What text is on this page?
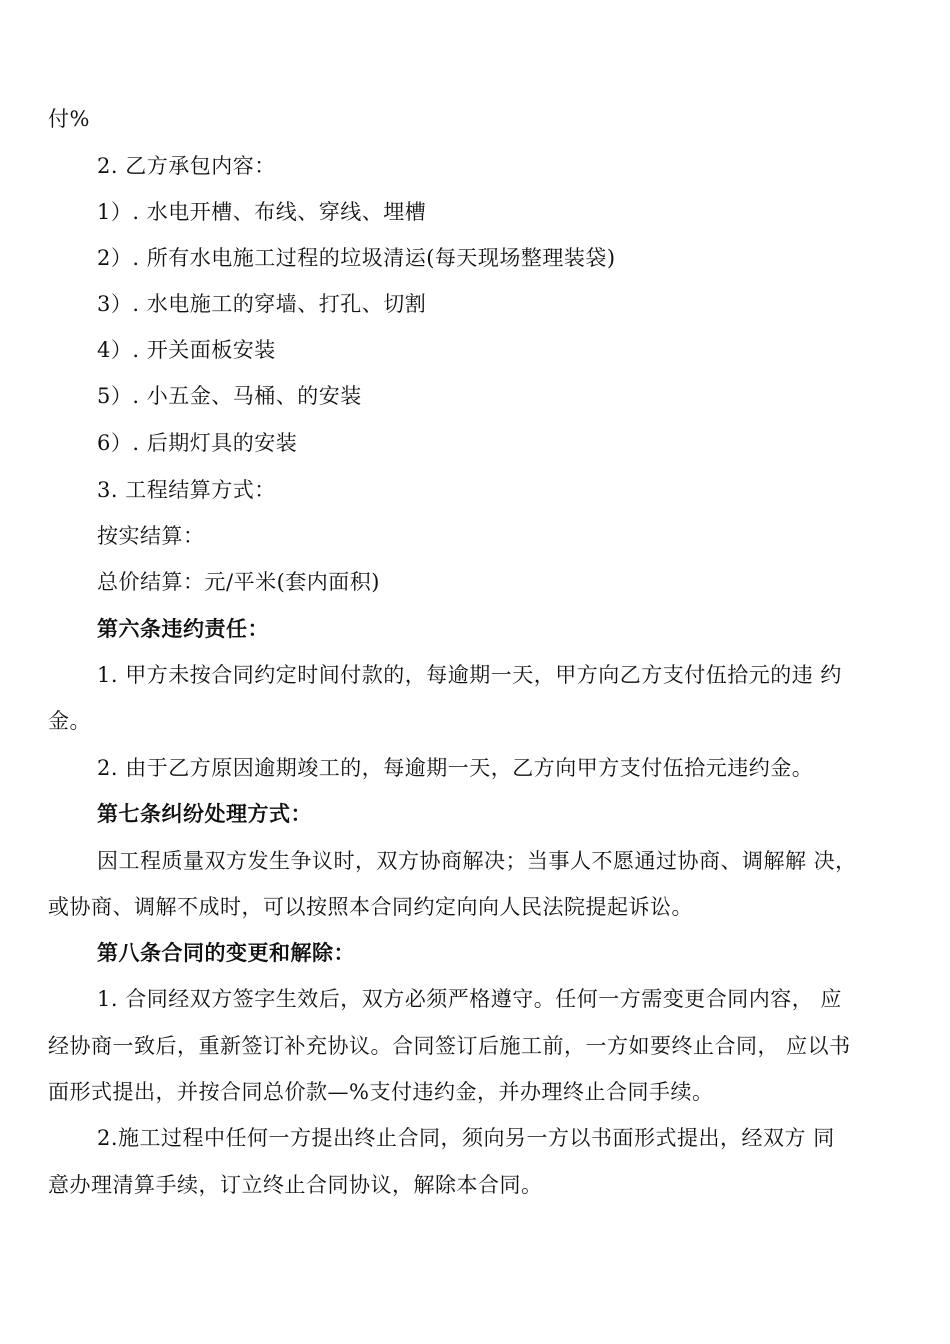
付%
2. 乙方承包内容：
1）. 水电开槽、布线、穿线、埋槽
2）. 所有水电施工过程的垃圾清运(每天现场整理装袋)
3）. 水电施工的穿墙、打孔、切割
4）. 开关面板安装
5）. 小五金、马桶、的安装
6）. 后期灯具的安装
3. 工程结算方式：
按实结算：
总价结算：元/平米(套内面积)
第六条违约责任：
1. 甲方未按合同约定时间付款的，每逾期一天，甲方向乙方支付伍拾元的违 约
金。
2. 由于乙方原因逾期竣工的，每逾期一天，乙方向甲方支付伍拾元违约金。
第七条纠纷处理方式：
因工程质量双方发生争议时，双方协商解决；当事人不愿通过协商、调解解 决，
或协商、调解不成时，可以按照本合同约定向向人民法院提起诉讼。
第八条合同的变更和解除：
1. 合同经双方签字生效后，双方必须严格遵守。任何一方需变更合同内容， 应
经协商一致后，重新签订补充协议。合同签订后施工前，一方如要终止合同， 应以书
面形式提出，并按合同总价款—%支付违约金，并办理终止合同手续。
2.施工过程中任何一方提出终止合同，须向另一方以书面形式提出，经双方 同
意办理清算手续，订立终止合同协议，解除本合同。
